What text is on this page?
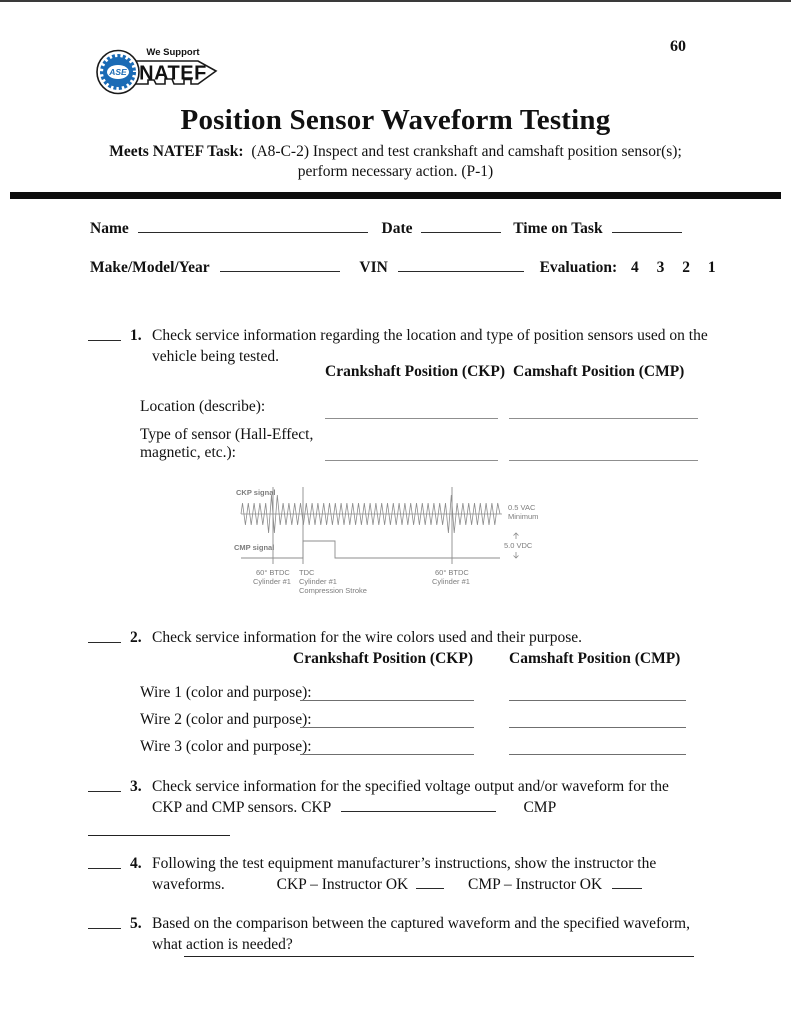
ASE
We Support
NATEF
60
Position Sensor Waveform Testing
Meets NATEF Task: (A8-C-2) Inspect and test crankshaft and camshaft position sensor(s);
perform necessary action. (P-1)
Name	Date	Time on Task
Make/Model/Year	VIN	Evaluation: 4 3 2 1
1. Check service information regarding the location and type of position sensors used on the vehicle being tested.
Crankshaft Position (CKP) Camshaft Position (CMP)
Location (describe):
Type of sensor (Hall-Effect,
magnetic, etc.):
CKP signal
CMP signal
0.5 VAC
Minimum
5.0 VDC
60° BTDC
Cylinder #1
TDC
Cylinder #1
Compression Stroke
60° BTDC
Cylinder #1
2. Check service information for the wire colors used and their purpose.
Crankshaft Position (CKP) Camshaft Position (CMP)
Wire 1 (color and purpose):
Wire 2 (color and purpose):
Wire 3 (color and purpose):
3. Check service information for the specified voltage output and/or waveform for the
CKP and CMP sensors. CKP	CMP
4. Following the test equipment manufacturer’s instructions, show the instructor the
waveforms.	CKP – Instructor OK	CMP – Instructor OK
5. Based on the comparison between the captured waveform and the specified waveform,
what action is needed?
